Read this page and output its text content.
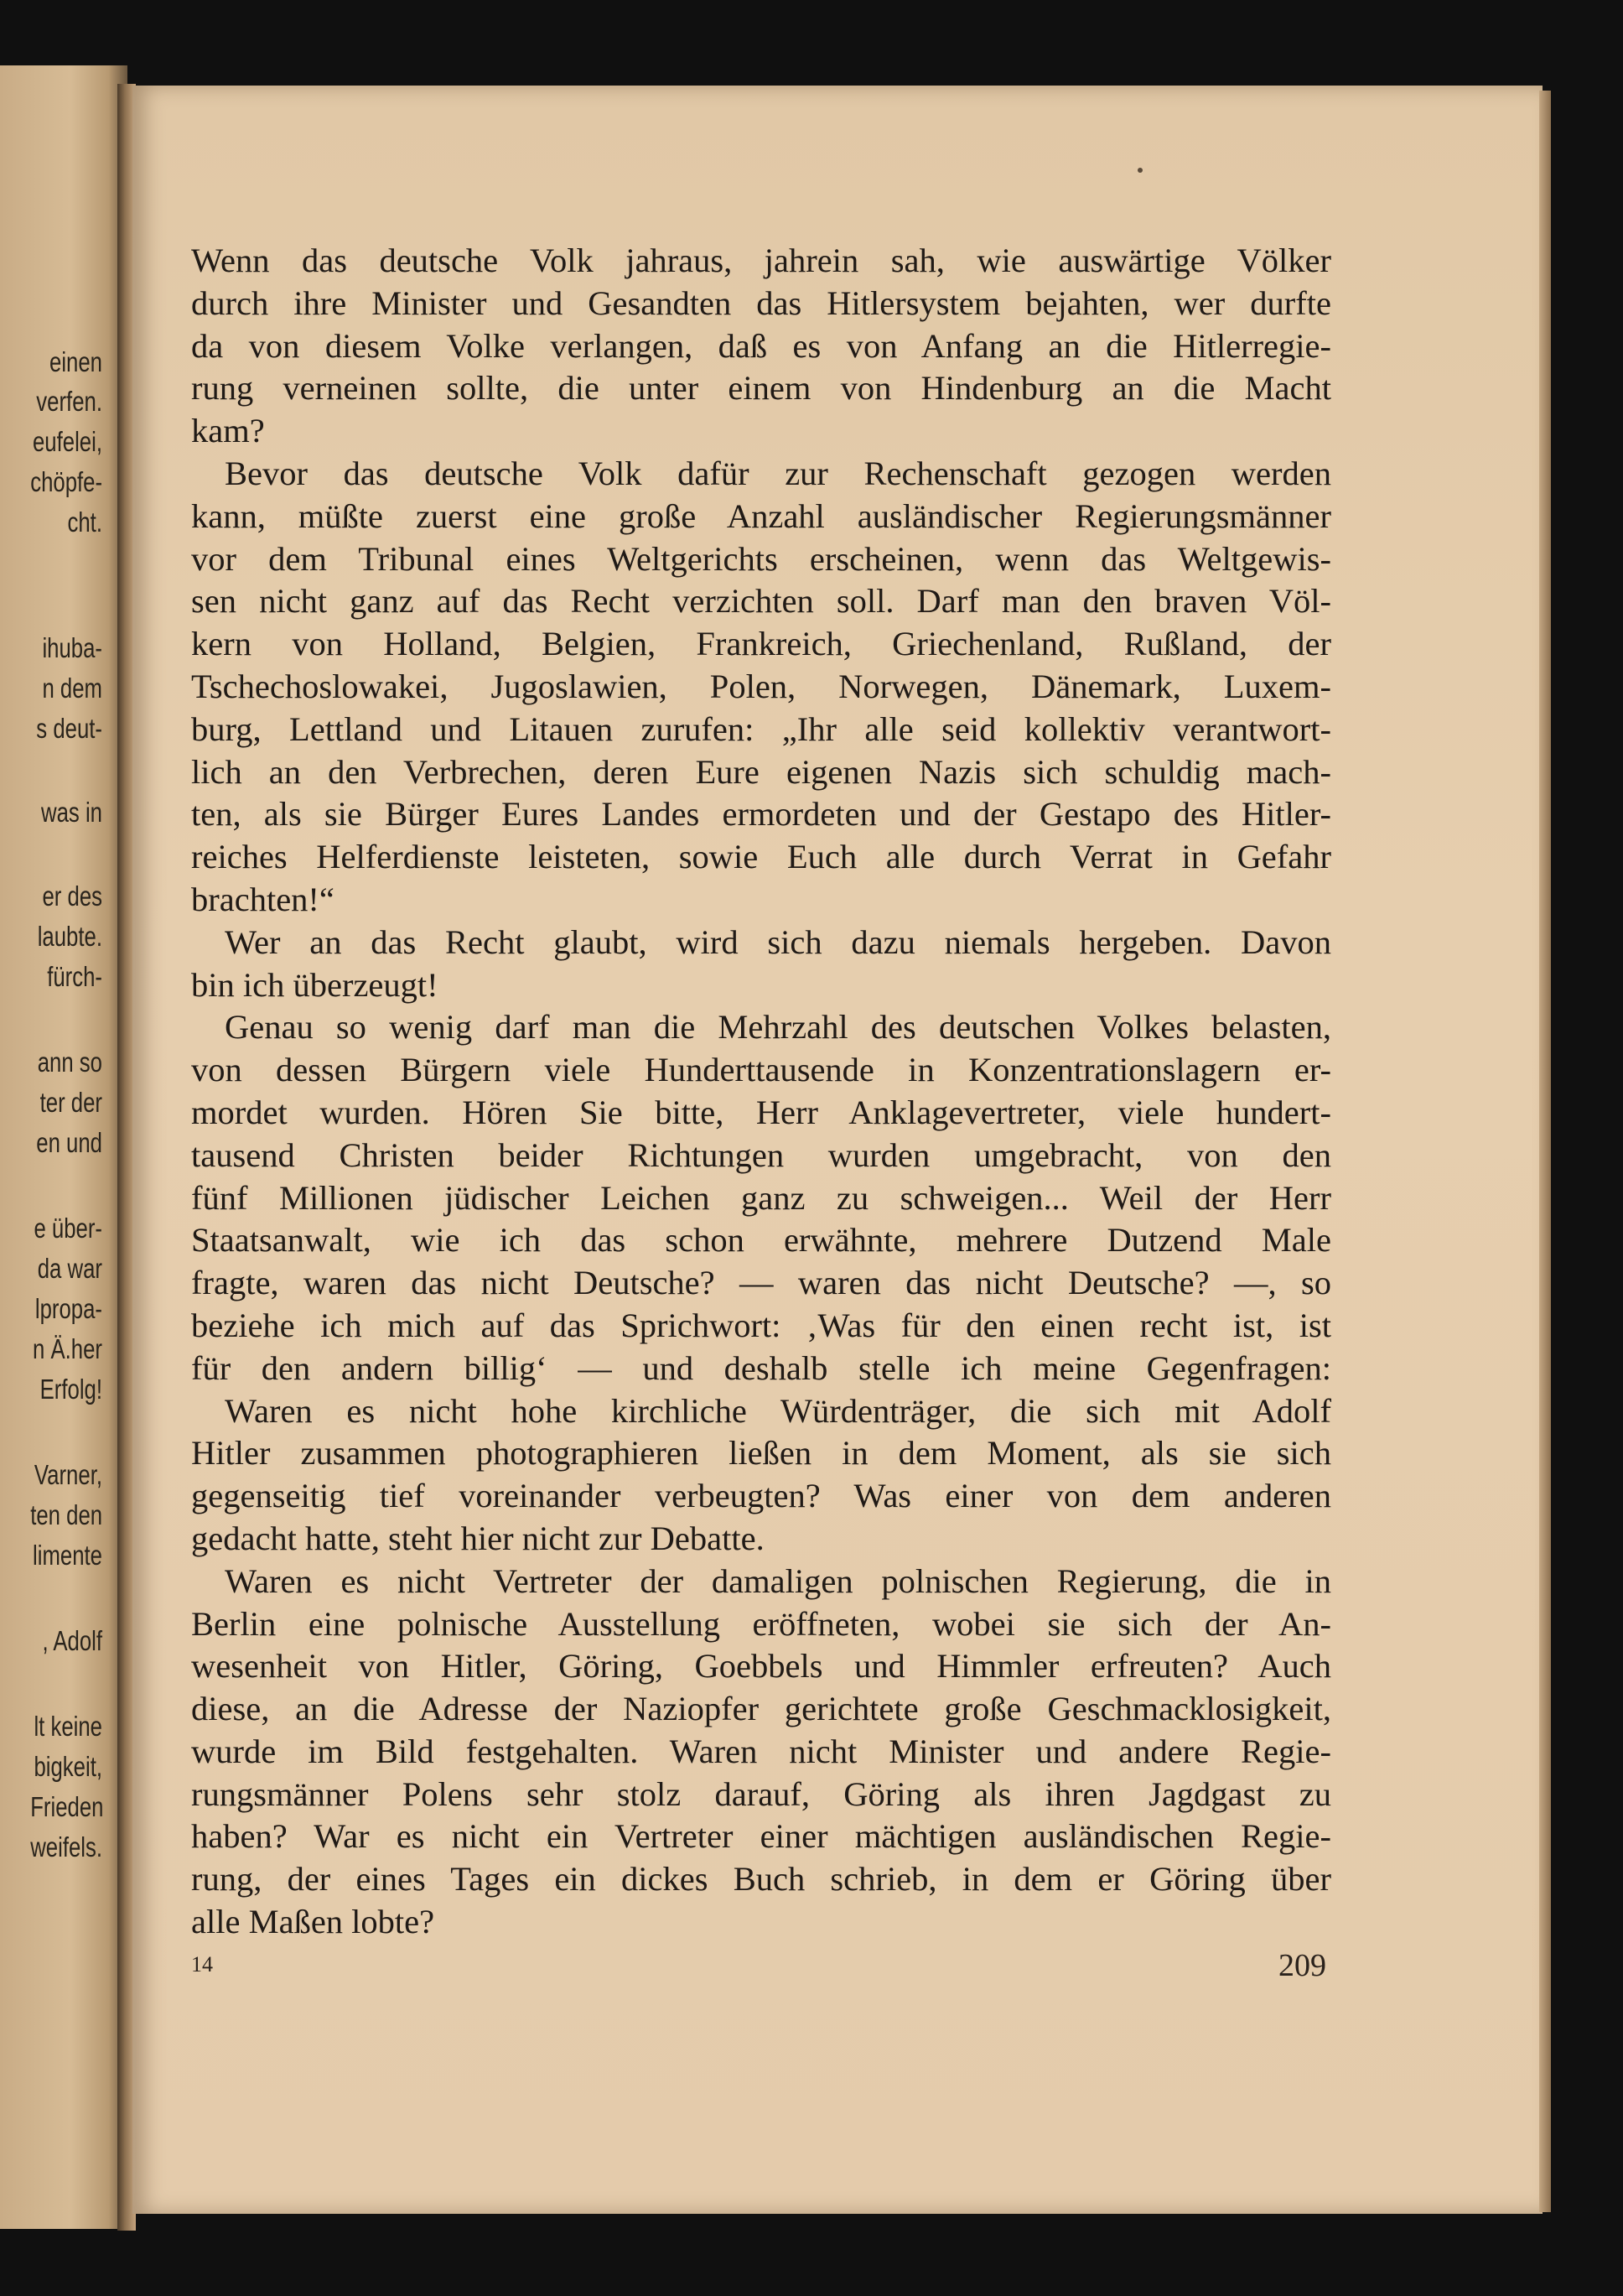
einen
verfen.
eufelei,
chöpfe-
cht.
ihuba-
n dem
s deut-
was in
er des
laubte.
fürch-
ann so
ter der
en und
e über-
da war
lpropa-
n Ä.her
Erfolg!
Varner,
ten den
limente
, Adolf
lt keine
bigkeit,
Frieden
weifels.
Wenn das deutsche Volk jahraus, jahrein sah, wie auswärtige Völker
durch ihre Minister und Gesandten das Hitlersystem bejahten, wer durfte
da von diesem Volke verlangen, daß es von Anfang an die Hitlerregie-
rung verneinen sollte, die unter einem von Hindenburg an die Macht
kam?
Bevor das deutsche Volk dafür zur Rechenschaft gezogen werden
kann, müßte zuerst eine große Anzahl ausländischer Regierungsmänner
vor dem Tribunal eines Weltgerichts erscheinen, wenn das Weltgewis-
sen nicht ganz auf das Recht verzichten soll. Darf man den braven Völ-
kern von Holland, Belgien, Frankreich, Griechenland, Rußland, der
Tschechoslowakei, Jugoslawien, Polen, Norwegen, Dänemark, Luxem-
burg, Lettland und Litauen zurufen: „Ihr alle seid kollektiv verantwort-
lich an den Verbrechen, deren Eure eigenen Nazis sich schuldig mach-
ten, als sie Bürger Eures Landes ermordeten und der Gestapo des Hitler-
reiches Helferdienste leisteten, sowie Euch alle durch Verrat in Gefahr
brachten!“
Wer an das Recht glaubt, wird sich dazu niemals hergeben. Davon
bin ich überzeugt!
Genau so wenig darf man die Mehrzahl des deutschen Volkes belasten,
von dessen Bürgern viele Hunderttausende in Konzentrationslagern er-
mordet wurden. Hören Sie bitte, Herr Anklagevertreter, viele hundert-
tausend Christen beider Richtungen wurden umgebracht, von den
fünf Millionen jüdischer Leichen ganz zu schweigen... Weil der Herr
Staatsanwalt, wie ich das schon erwähnte, mehrere Dutzend Male
fragte, waren das nicht Deutsche? — waren das nicht Deutsche? —, so
beziehe ich mich auf das Sprichwort: ‚Was für den einen recht ist, ist
für den andern billig‘ — und deshalb stelle ich meine Gegenfragen:
Waren es nicht hohe kirchliche Würdenträger, die sich mit Adolf
Hitler zusammen photographieren ließen in dem Moment, als sie sich
gegenseitig tief voreinander verbeugten? Was einer von dem anderen
gedacht hatte, steht hier nicht zur Debatte.
Waren es nicht Vertreter der damaligen polnischen Regierung, die in
Berlin eine polnische Ausstellung eröffneten, wobei sie sich der An-
wesenheit von Hitler, Göring, Goebbels und Himmler erfreuten? Auch
diese, an die Adresse der Naziopfer gerichtete große Geschmacklosigkeit,
wurde im Bild festgehalten. Waren nicht Minister und andere Regie-
rungsmänner Polens sehr stolz darauf, Göring als ihren Jagdgast zu
haben? War es nicht ein Vertreter einer mächtigen ausländischen Regie-
rung, der eines Tages ein dickes Buch schrieb, in dem er Göring über
alle Maßen lobte?
14	209
